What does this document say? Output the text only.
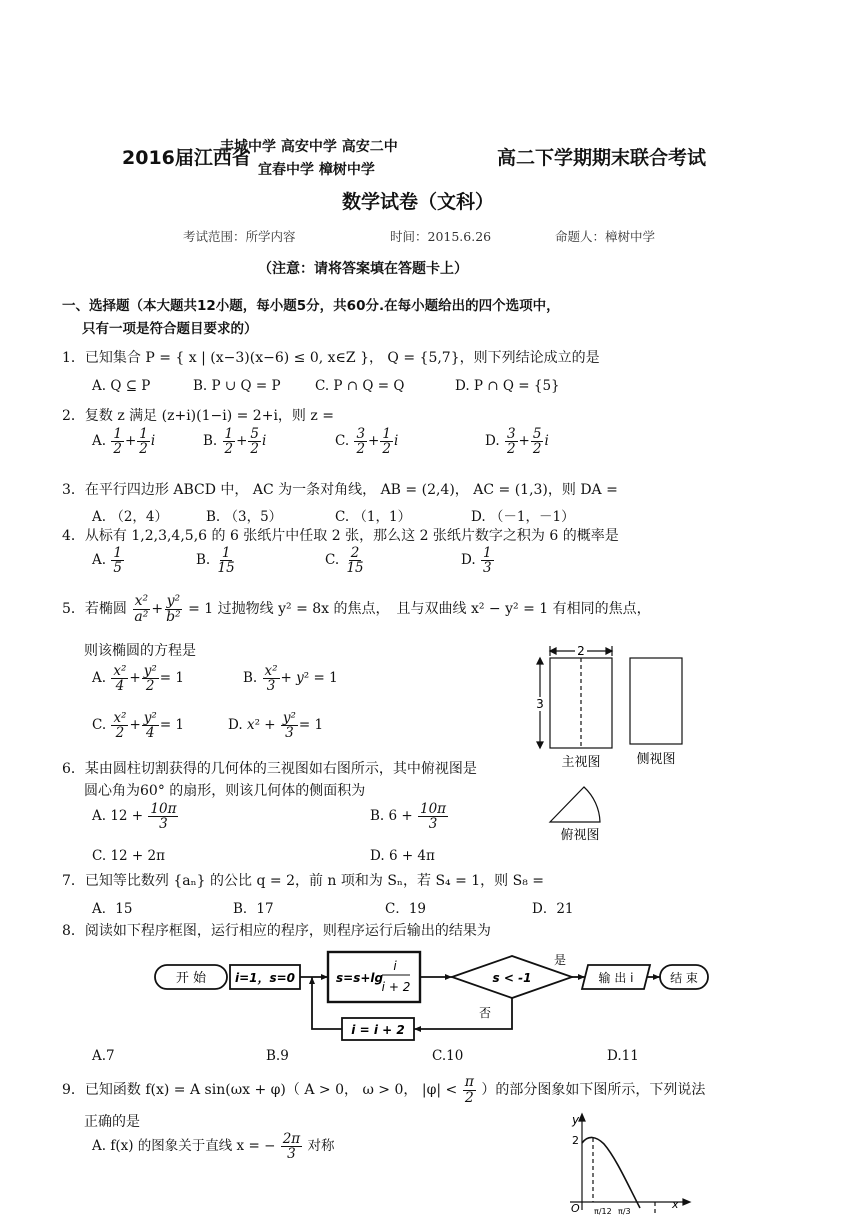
2016届江西省
丰城中学 高安中学 高安二中
宜春中学 樟树中学
高二下学期期末联合考试
数学试卷（文科）
考试范围：所学内容	时间：2015.6.26	命题人：樟树中学
（注意：请将答案填在答题卡上）
一、选择题（本大题共12小题，每小题5分，共60分.在每小题给出的四个选项中，
只有一项是符合题目要求的）
1．已知集合 P = { x | (x−3)(x−6) ≤ 0, x∈Z }， Q = {5,7}，则下列结论成立的是
A. Q ⊆ P	B. P ∪ Q = P	C. P ∩ Q = Q	D. P ∩ Q = {5}
2．复数 z 满足 (z+i)(1−i) = 2+i，则 z =
A. $\frac{1}{2} + \frac{1}{2}$ i	B. $\frac{1}{2} + \frac{5}{2}$ i	C. $\frac{3}{2} + \frac{1}{2}$ i	D. $\frac{3}{2} + \frac{5}{2}$ i
3．在平行四边形 ABCD 中， AC 为一条对角线， AB = (2,4)， AC = (1,3)，则 DA =
A. （2，4）	B. （3，5）	C. （1，1）	D. （－1，－1）
4．从标有 1,2,3,4,5,6 的 6 张纸片中任取 2 张，那么这 2 张纸片数字之积为 6 的概率是
A. $\frac{1}{5}$	B. $\frac{1}{15}$	C. $\frac{2}{15}$	D. $\frac{1}{3}$
5．若椭圆 $\frac{\text{x²}}{\text{a²}} + \frac{\text{y²}}{\text{b²}} = 1$ 过抛物线 y² = 8x 的焦点，　且与双曲线 x² − y² = 1 有相同的焦点，
则该椭圆的方程是
A. $\frac{\text{x²}}{4} + \frac{\text{y²}}{2} = 1$	B. $\frac{\text{x²}}{3} + y^2 = 1$
C. $\frac{\text{x²}}{2} + \frac{\text{y²}}{4} = 1$	D. $x^2 + \frac{\text{y²}}{3} = 1$
2
3
主视图	侧视图
俯视图
6．某由圆柱切割获得的几何体的三视图如右图所示，其中俯视图是
圆心角为60° 的扇形，则该几何体的侧面积为
A. $12 + \frac{10\pi}{3}$	B. $6 + \frac{10\pi}{3}$
C. 12 + 2π	D. 6 + 4π
7．已知等比数列 {aₙ} 的公比 q = 2，前 n 项和为 Sₙ，若 S₄ = 1，则 S₈ =
A．15	B．17	C．19	D．21
8．阅读如下程序框图，运行相应的程序，则程序运行后输出的结果为
开 始 i=1，s=0	s=s+lg
i
i + 2
s < -1
是
否
输 出 i	结 束
i = i + 2
A.7	B.9	C.10	D.11
9．已知函数 f(x) = A sin(ωx + φ)（ A > 0， ω > 0， $|\varphi| < \frac{\pi}{2}$ ）的部分图象如下图所示，下列说法
正确的是
A. f(x) 的图象关于直线 x = − $\frac{2\pi}{3}$ 对称
y
2
O	x
π/12 π/3
